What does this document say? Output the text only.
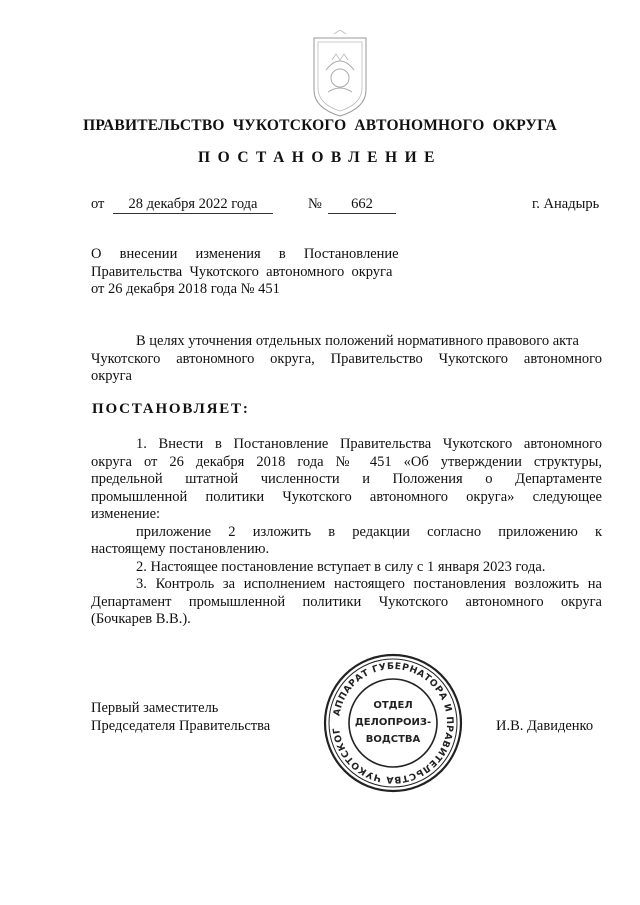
ПРАВИТЕЛЬСТВО ЧУКОТСКОГО АВТОНОМНОГО ОКРУГА
ПОСТАНОВЛЕНИЕ
от	28 декабря 2022 года	№	662	г. Анадырь
О     внесении     изменения     в     Постановление
Правительства  Чукотского  автономного  округа
от 26 декабря 2018 года № 451
В целях уточнения отдельных положений нормативного правового акта
Чукотского автономного округа, Правительство Чукотского автономного
округа
ПОСТАНОВЛЯЕТ:
1. Внести в Постановление Правительства Чукотского автономного
округа от 26 декабря 2018 года № 451 «Об утверждении структуры,
предельной штатной численности и Положения о Департаменте
промышленной политики Чукотского автономного округа» следующее
изменение:
приложение 2 изложить в редакции согласно приложению к
настоящему постановлению.
2. Настоящее постановление вступает в силу с 1 января 2023 года.
3. Контроль за исполнением настоящего постановления возложить на
Департамент промышленной политики Чукотского автономного округа
(Бочкарев В.В.).
Первый заместитель
Председателя Правительства	И.В. Давиденко
АППАРАТ ГУБЕРНАТОРА И ПРАВИТЕЛЬСТВА ЧУКОТСКОГ
ОТДЕЛ
ДЕЛОПРОИЗ-
ВОДСТВА
